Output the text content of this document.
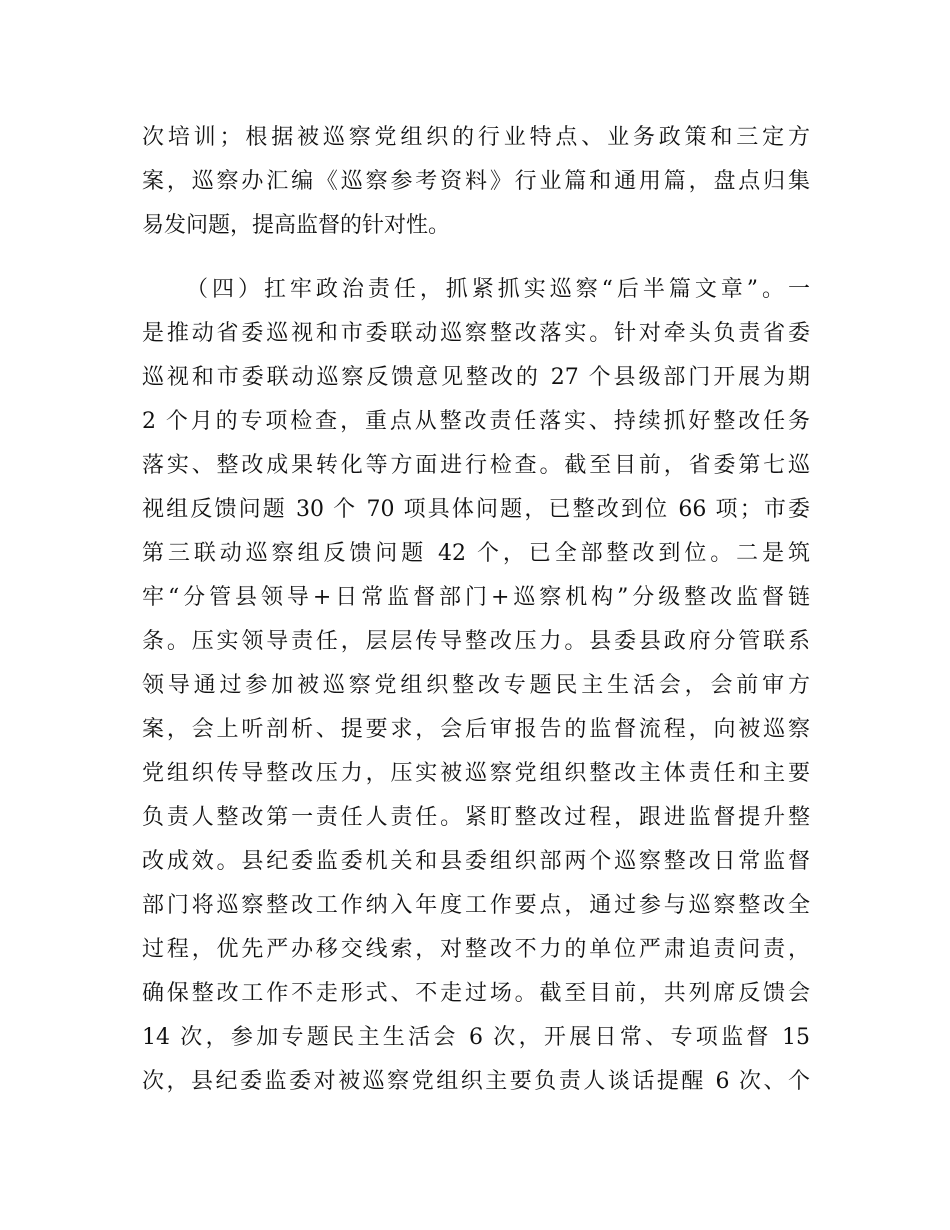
次培训；根据被巡察党组织的行业特点、业务政策和三定方
案，巡察办汇编《巡察参考资料》行业篇和通用篇，盘点归集
易发问题，提高监督的针对性。
（四）扛牢政治责任，抓紧抓实巡察“后半篇文章”。一
是推动省委巡视和市委联动巡察整改落实。针对牵头负责省委
巡视和市委联动巡察反馈意见整改的 27 个县级部门开展为期
2 个月的专项检查，重点从整改责任落实、持续抓好整改任务
落实、整改成果转化等方面进行检查。截至目前，省委第七巡
视组反馈问题 30 个 70 项具体问题，已整改到位 66 项；市委
第三联动巡察组反馈问题 42 个，已全部整改到位。二是筑
牢“分管县领导+日常监督部门+巡察机构”分级整改监督链
条。压实领导责任，层层传导整改压力。县委县政府分管联系
领导通过参加被巡察党组织整改专题民主生活会，会前审方
案，会上听剖析、提要求，会后审报告的监督流程，向被巡察
党组织传导整改压力，压实被巡察党组织整改主体责任和主要
负责人整改第一责任人责任。紧盯整改过程，跟进监督提升整
改成效。县纪委监委机关和县委组织部两个巡察整改日常监督
部门将巡察整改工作纳入年度工作要点，通过参与巡察整改全
过程，优先严办移交线索，对整改不力的单位严肃追责问责，
确保整改工作不走形式、不走过场。截至目前，共列席反馈会
14 次，参加专题民主生活会 6 次，开展日常、专项监督 15
次，县纪委监委对被巡察党组织主要负责人谈话提醒 6 次、个
